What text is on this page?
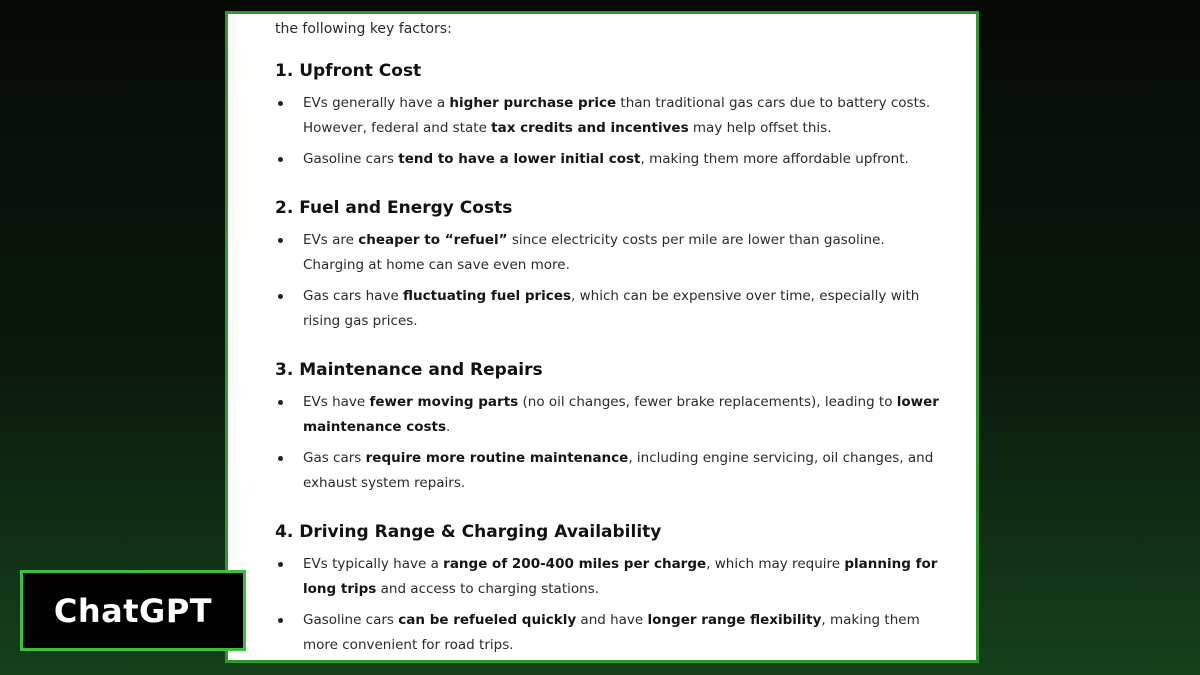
the following key factors:
1. Upfront Cost
EVs generally have a higher purchase price than traditional gas cars due to battery costs. However, federal and state tax credits and incentives may help offset this.
Gasoline cars tend to have a lower initial cost, making them more affordable upfront.
2. Fuel and Energy Costs
EVs are cheaper to “refuel” since electricity costs per mile are lower than gasoline. Charging at home can save even more.
Gas cars have fluctuating fuel prices, which can be expensive over time, especially with rising gas prices.
3. Maintenance and Repairs
EVs have fewer moving parts (no oil changes, fewer brake replacements), leading to lower maintenance costs.
Gas cars require more routine maintenance, including engine servicing, oil changes, and exhaust system repairs.
4. Driving Range & Charging Availability
EVs typically have a range of 200-400 miles per charge, which may require planning for long trips and access to charging stations.
Gasoline cars can be refueled quickly and have longer range flexibility, making them more convenient for road trips.
ChatGPT
